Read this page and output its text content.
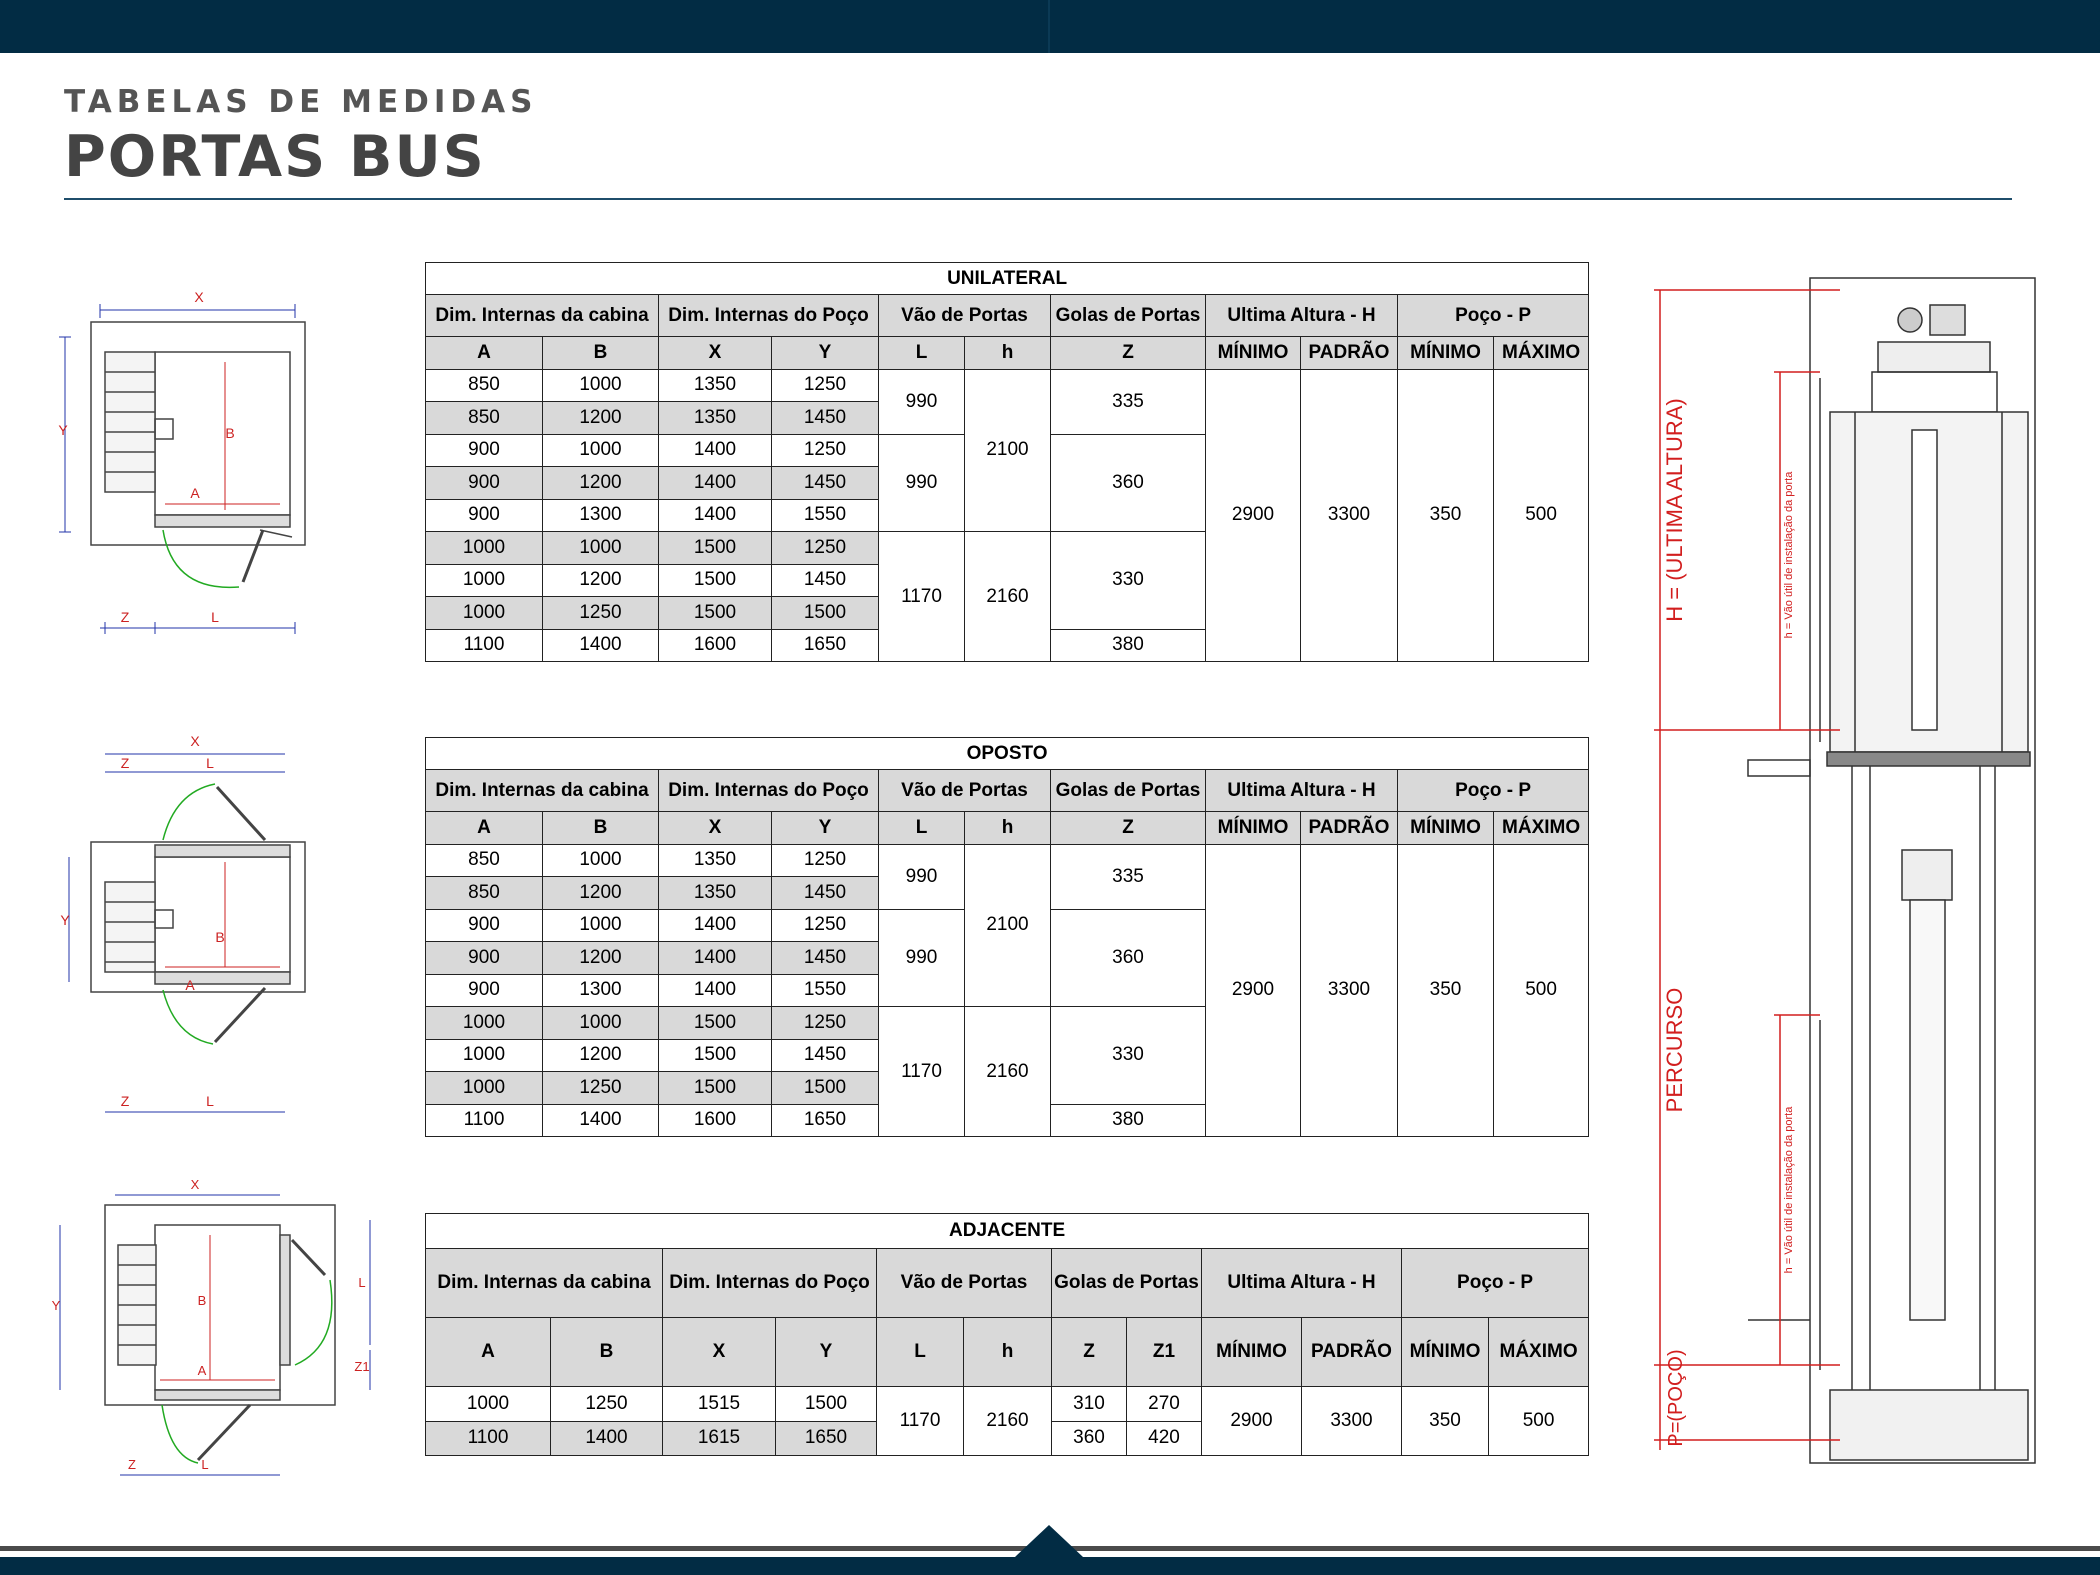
TABELAS DE MEDIDAS
PORTAS BUS
UNILATERAL										
Dim. Internas da cabina		Dim. Internas do Poço		Vão de Portas		Golas de Portas	Ultima Altura - H		Poço - P	
A	B	X	Y	L	h	Z	MÍNIMO	PADRÃO	MÍNIMO	MÁXIMO
850	1000	1350	1250	990	2100	335	2900	3300	350	500
850	1200	1350	1450							
900	1000	1400	1250	990		360				
900	1200	1400	1450							
900	1300	1400	1550							
1000	1000	1500	1250	1170	2160	330				
1000	1200	1500	1450							
1000	1250	1500	1500							
1100	1400	1600	1650			380				
OPOSTO										
Dim. Internas da cabina		Dim. Internas do Poço		Vão de Portas		Golas de Portas	Ultima Altura - H		Poço - P	
A	B	X	Y	L	h	Z	MÍNIMO	PADRÃO	MÍNIMO	MÁXIMO
850	1000	1350	1250	990	2100	335	2900	3300	350	500
850	1200	1350	1450							
900	1000	1400	1250	990		360				
900	1200	1400	1450							
900	1300	1400	1550							
1000	1000	1500	1250	1170	2160	330				
1000	1200	1500	1450							
1000	1250	1500	1500							
1100	1400	1600	1650			380				
ADJACENTE											
Dim. Internas da cabina		Dim. Internas do Poço		Vão de Portas		Golas de Portas		Ultima Altura - H		Poço - P	
A	B	X	Y	L	h	Z	Z1	MÍNIMO	PADRÃO	MÍNIMO	MÁXIMO
1000	1250	1515	1500	1170	2160	310	270	2900	3300	350	500
1100	1400	1615	1650			360	420				
X
Y	B
A
Z	L
X
Z	L
Y
B
A
Z	L
X
Y	B
A
L
Z1
Z	L
H = (ULTIMA ALTURA)
PERCURSO
P=(POÇO)
h = Vão útil de instalação da porta
h = Vão útil de instalação da porta
